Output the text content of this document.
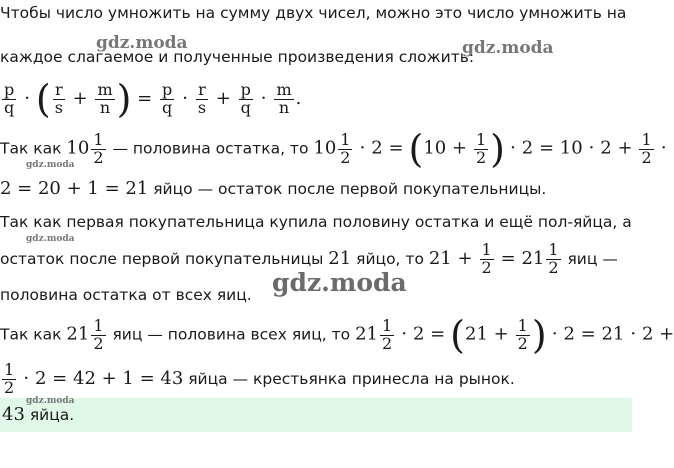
Чтобы число умножить на сумму двух чисел, можно это число умножить на
каждое слагаемое и полученные произведения сложить:
$\frac{p}{q}$ ⋅ ( $\frac{r}{s} + \frac{m}{n}$ ) = $\frac{p}{q} \cdot \frac{r}{s} + \frac{p}{q} \cdot \frac{m}{n}$ .
Так как $10 \frac{1}{2}$ — половина остатка, то $10 \frac{1}{2} \cdot 2 = (10 + \frac{1}{2}$ ) ⋅ $2 = 10 \cdot 2 + \frac{1}{2}$ ⋅
2 = 20 + 1 = 21 яйцо — остаток после первой покупательницы.
Так как первая покупательница купила половину остатка и ещё пол-яйца, а
остаток после первой покупательницы 21 яйцо, то $21 + \frac{1}{2} = 21 \frac{1}{2}$ яиц —
половина остатка от всех яиц.
Так как $21 \frac{1}{2}$ яиц — половина всех яиц, то $21 \frac{1}{2} \cdot 2 = (21 + \frac{1}{2}$ ) ⋅ 2 = 21 ⋅ 2 +
$\frac{1}{2} \cdot 2 = 42 + 1 = 43$ яйца — крестьянка принесла на рынок.
43 яйца.
gdz.moda	gdz.moda
gdz.moda
gdz.moda
gdz.moda
gdz.moda
